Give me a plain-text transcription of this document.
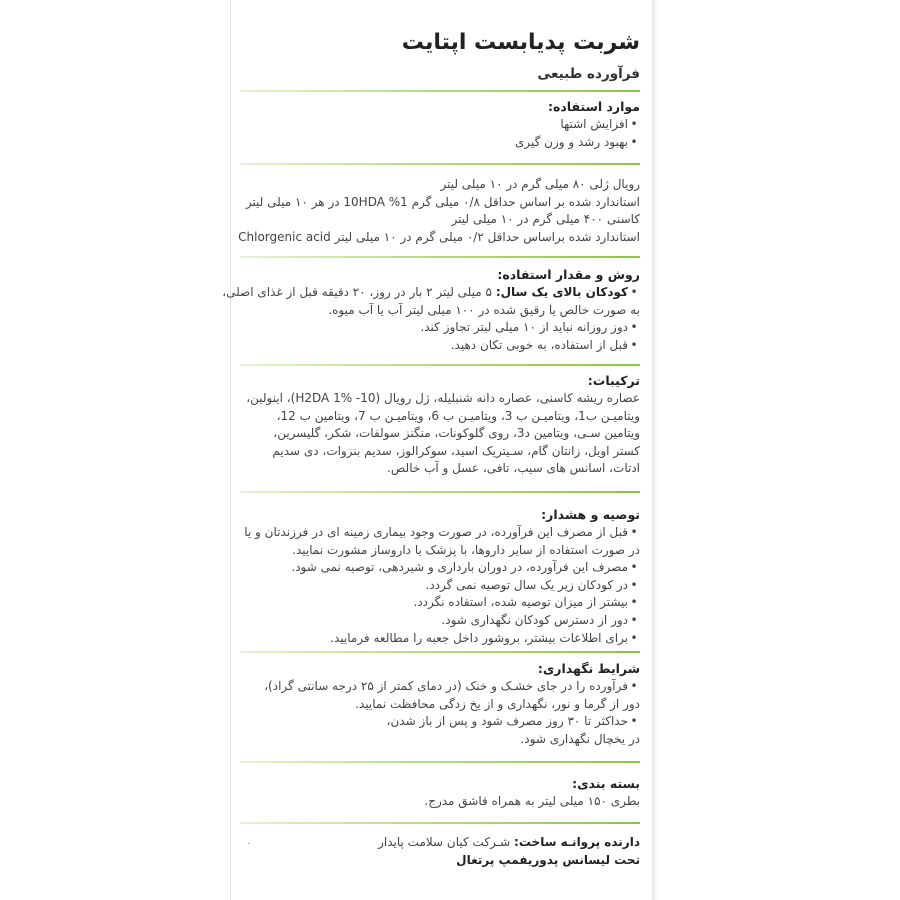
شربت پدیابست اپتایت
فرآورده طبیعی
موارد استفاده:
•افزایش اشتها
•بهبود رشد و وزن گیری
رویال ژلی ۸۰ میلی گرم در ۱۰ میلی لیتر
استاندارد شده بر اساس حداقل ۰/۸ میلی گرم 1% 10HDA در هر ۱۰ میلی لیتر
کاسنی ۴۰۰ میلی گرم در ۱۰ میلی لیتر
استاندارد شده براساس حداقل ۰/۲ میلی گرم در ۱۰ میلی لیتر Chlorgenic acid
روش و مقدار استفاده:
•کودکان بالای یک سال: ۵ میلی لیتر ۲ بار در روز، ۲۰ دقیقه قبل از غذای اصلی،
به صورت خالص یا رقیق شده در ۱۰۰ میلی لیتر آب یا آب میوه.
•دوز روزانه نباید از ۱۰ میلی لیتر تجاوز کند.
•قبل از استفاده، به خوبی تکان دهید.
ترکیبات:
عصاره ریشه کاسنی، عصاره دانه شنبلیله، ژل رویال (10- H2DA 1%)، اینولین،
ویتامیـن ب1، ویتامیـن ب 3، ویتامیـن ب 6، ویتامیـن ب 7، ویتامین ب 12،
ویتامین سـی، ویتامین د3، روی گلوکونات، منگنز سولفات، شکر، گلیسرین،
کستر اویل، زانتان گام، سـیتریک اسید، سوکرالوز، سدیم بنزوات، دی سدیم
ادتات، اسانس های سیب، تافی، عسل و آب خالص.
توصیه و هشدار:
•قبل از مصرف این فرآورده، در صورت وجود بیماری زمینه ای در فرزندتان و یا
در صورت استفاده از سایر داروها، با پزشک یا داروساز مشورت نمایید.
•مصرف این فرآورده، در دوران بارداری و شیردهی، توصیه نمی شود.
•در کودکان زیر یک سال توصیه نمی گردد.
•بیشتر از میزان توصیه شده، استفاده نگردد.
•دور از دسترس کودکان نگهداری شود.
•برای اطلاعات بیشتر، بروشور داخل جعبه را مطالعه فرمایید.
شرایط نگهداری:
•فرآورده را در جای خشـک و خنک (در دمای کمتر از ۲۵ درجه سانتی گراد)،
دور از گرما و نور، نگهداری و از یخ زدگی محافظت نمایید.
•حداکثر تا ۳۰ روز مصرف شود و پس از باز شدن،
در یخچال نگهداری شود.
بسته بندی:
بطری ۱۵۰ میلی لیتر به همراه قاشق مدرج.
دارنده پروانـه ساخت: شـرکت کیان سلامت پایدار
تحت لیسانس پدوریفمپ پرتغال
۰
